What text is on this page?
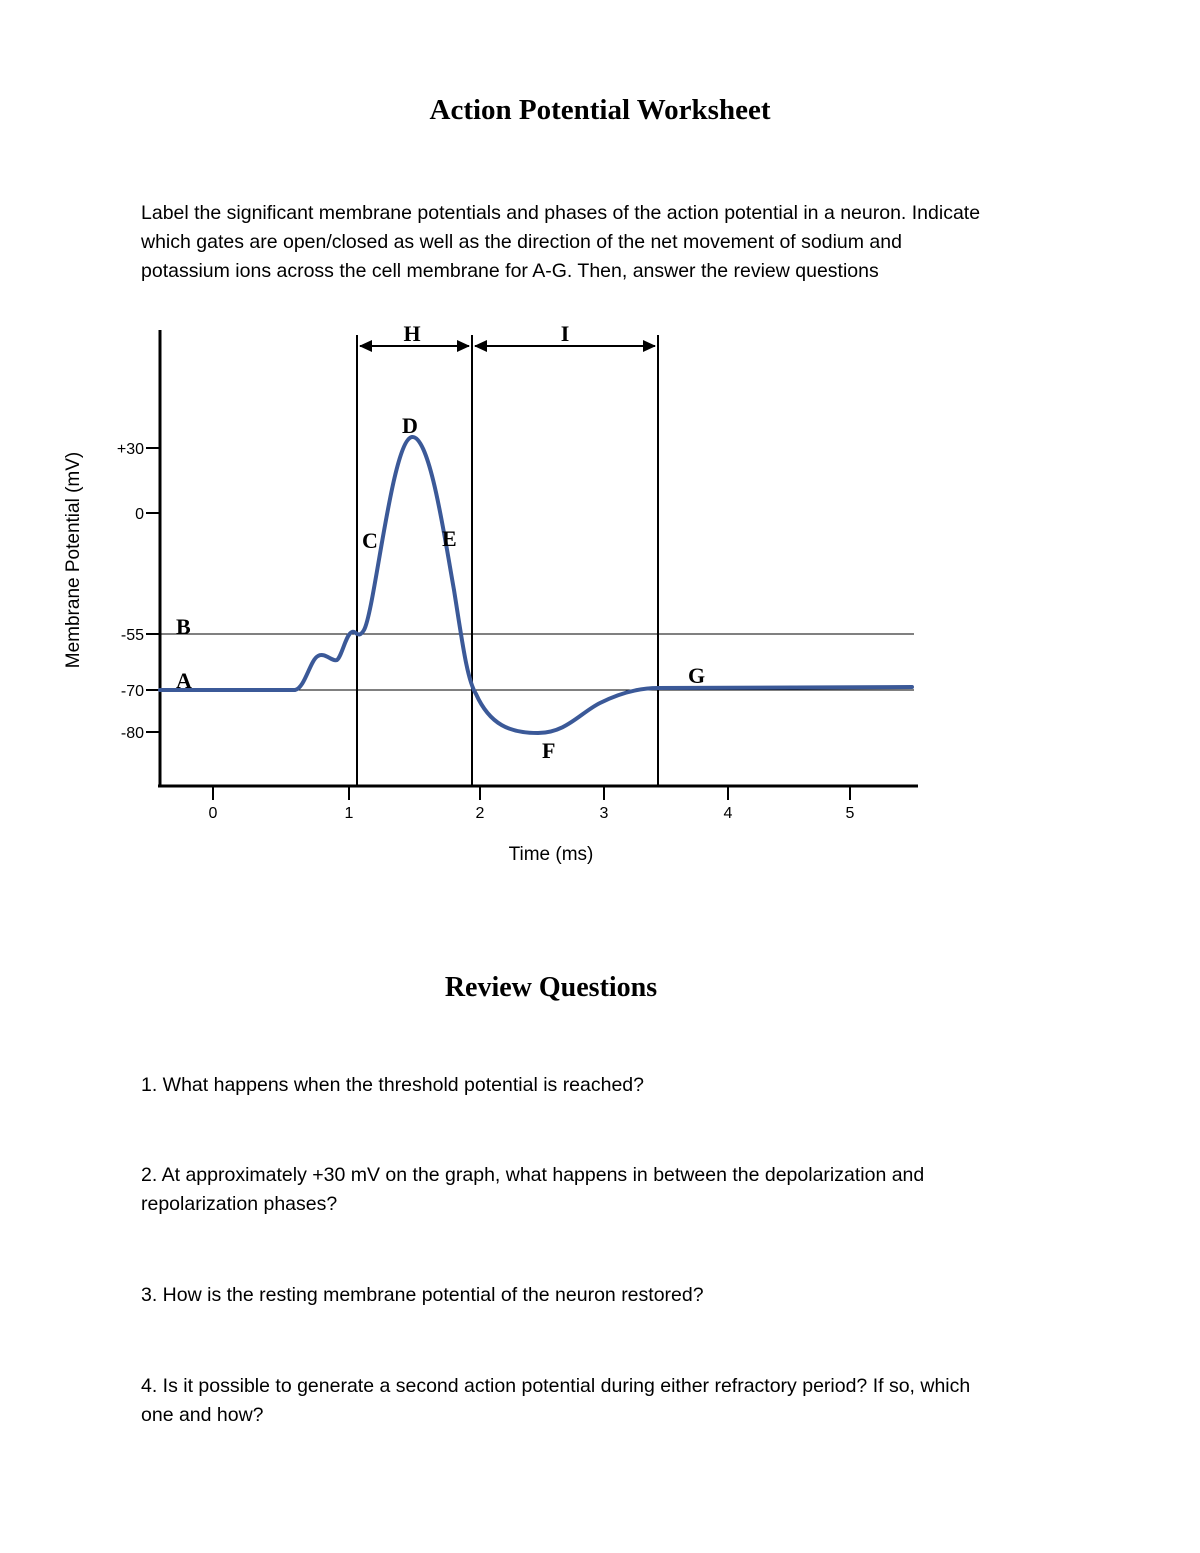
Action Potential Worksheet
Label the significant membrane potentials and phases of the action potential in a neuron. Indicate
which gates are open/closed as well as the direction of the net movement of sodium and
potassium ions across the cell membrane for A-G. Then, answer the review questions
+30
0
-55
-70
-80
0	1	2	3	4	5
Membrane Potential (mV)
Time (ms)
H	I
A
B
C
D
E
F
G
Review Questions
1. What happens when the threshold potential is reached?
2. At approximately +30 mV on the graph, what happens in between the depolarization and
repolarization phases?
3. How is the resting membrane potential of the neuron restored?
4. Is it possible to generate a second action potential during either refractory period? If so, which
one and how?
